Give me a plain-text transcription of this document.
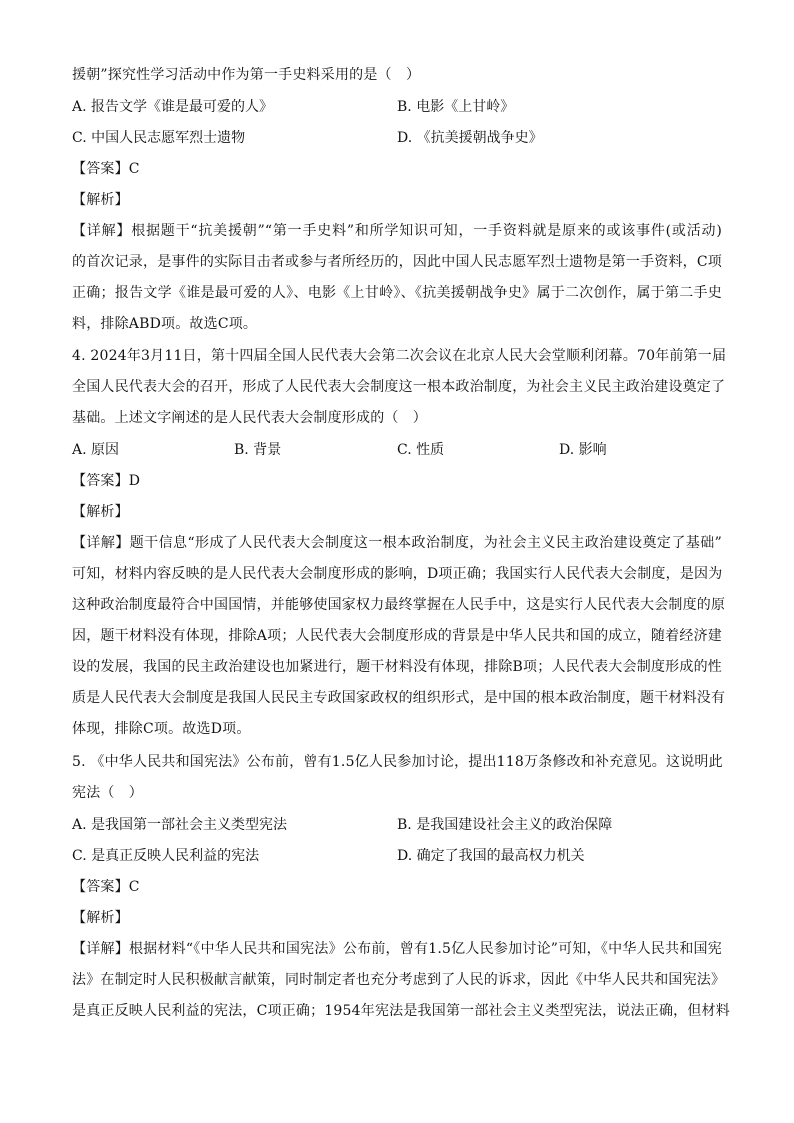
援朝”探究性学习活动中作为第一手史料采用的是（　）
A. 报告文学《谁是最可爱的人》	B. 电影《上甘岭》
C. 中国人民志愿军烈士遗物	D. 《抗美援朝战争史》
【答案】C
【解析】
【详解】根据题干“抗美援朝”“第一手史料”和所学知识可知，一手资料就是原来的或该事件(或活动)
的首次记录，是事件的实际目击者或参与者所经历的，因此中国人民志愿军烈士遗物是第一手资料，C项
正确；报告文学《谁是最可爱的人》、电影《上甘岭》、《抗美援朝战争史》属于二次创作，属于第二手史
料，排除ABD项。故选C项。
4. 2024年3月11日，第十四届全国人民代表大会第二次会议在北京人民大会堂顺利闭幕。70年前第一届
全国人民代表大会的召开，形成了人民代表大会制度这一根本政治制度，为社会主义民主政治建设奠定了
基础。上述文字阐述的是人民代表大会制度形成的（　）
A. 原因	B. 背景	C. 性质	D. 影响
【答案】D
【解析】
【详解】题干信息“形成了人民代表大会制度这一根本政治制度，为社会主义民主政治建设奠定了基础”
可知，材料内容反映的是人民代表大会制度形成的影响，D项正确；我国实行人民代表大会制度，是因为
这种政治制度最符合中国国情，并能够使国家权力最终掌握在人民手中，这是实行人民代表大会制度的原
因，题干材料没有体现，排除A项；人民代表大会制度形成的背景是中华人民共和国的成立，随着经济建
设的发展，我国的民主政治建设也加紧进行，题干材料没有体现，排除B项；人民代表大会制度形成的性
质是人民代表大会制度是我国人民民主专政国家政权的组织形式，是中国的根本政治制度，题干材料没有
体现，排除C项。故选D项。
5. 《中华人民共和国宪法》公布前，曾有1.5亿人民参加讨论，提出118万条修改和补充意见。这说明此
宪法（　）
A. 是我国第一部社会主义类型宪法	B. 是我国建设社会主义的政治保障
C. 是真正反映人民利益的宪法	D. 确定了我国的最高权力机关
【答案】C
【解析】
【详解】根据材料“《中华人民共和国宪法》公布前，曾有1.5亿人民参加讨论”可知，《中华人民共和国宪
法》在制定时人民积极献言献策，同时制定者也充分考虑到了人民的诉求，因此《中华人民共和国宪法》
是真正反映人民利益的宪法，C项正确；1954年宪法是我国第一部社会主义类型宪法，说法正确，但材料
